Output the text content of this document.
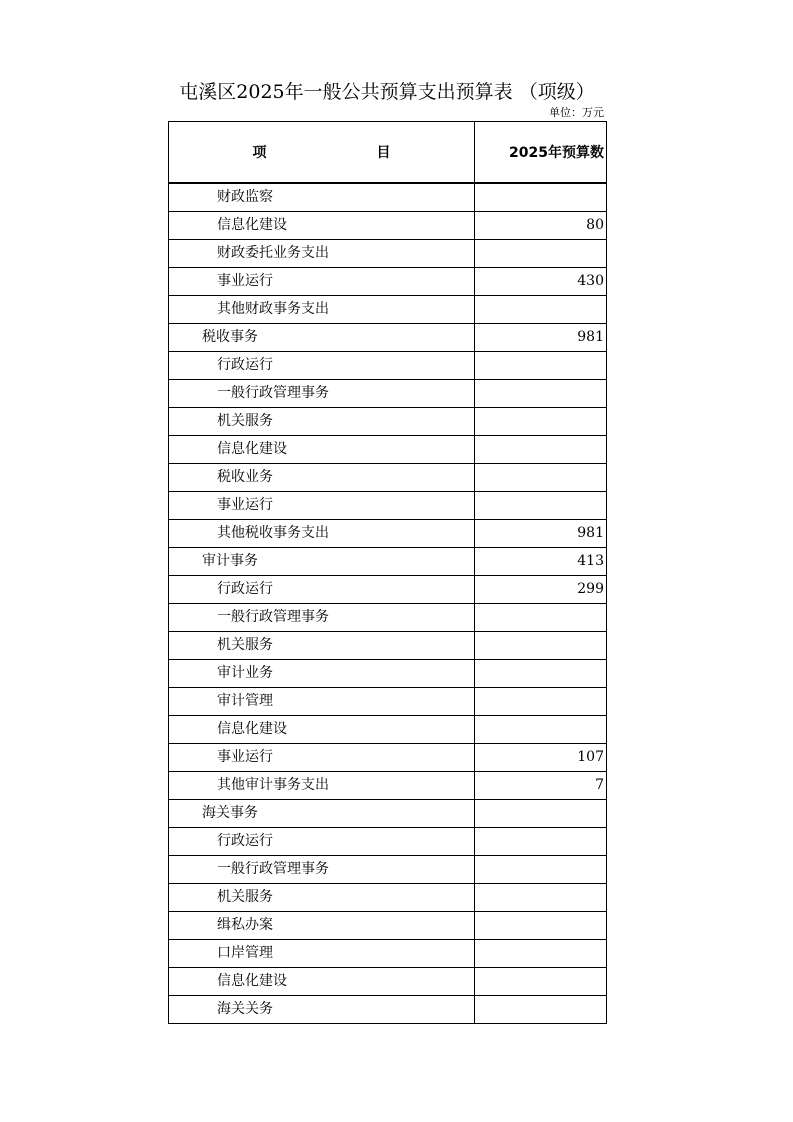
屯溪区2025年一般公共预算支出预算表 （项级）
单位：万元
项　目	2025年预算数
财政监察	
信息化建设	80
财政委托业务支出	
事业运行	430
其他财政事务支出	
税收事务	981
行政运行	
一般行政管理事务	
机关服务	
信息化建设	
税收业务	
事业运行	
其他税收事务支出	981
审计事务	413
行政运行	299
一般行政管理事务	
机关服务	
审计业务	
审计管理	
信息化建设	
事业运行	107
其他审计事务支出	7
海关事务	
行政运行	
一般行政管理事务	
机关服务	
缉私办案	
口岸管理	
信息化建设	
海关关务	
